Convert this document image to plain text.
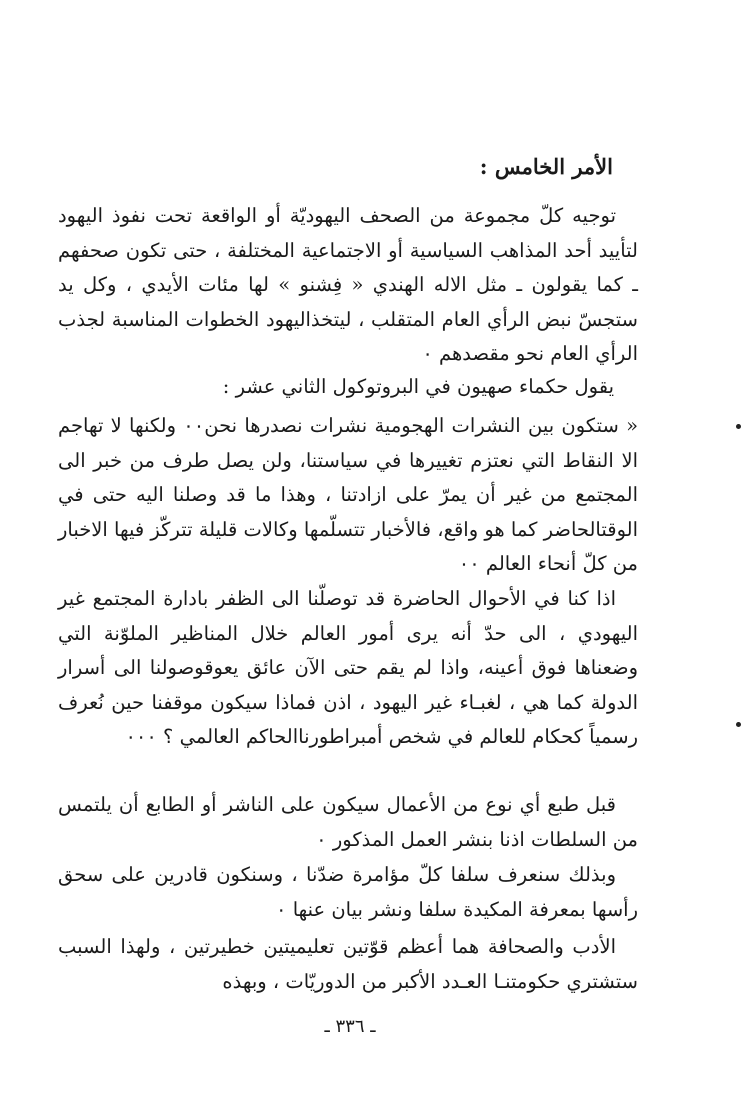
الأمر الخامس :
توجيه كلّ مجموعة من الصحف اليهوديّة أو الواقعة تحت نفوذ اليهود لتأييد أحد المذاهب السياسية أو الاجتماعية المختلفة ، حتى تكون صحفهم ـ كما يقولون ـ مثل الاله الهندي « فِشنو » لها مئات الأيدي ، وكل يد ستجسّ نبض الرأي العام المتقلب ، ليتخذاليهود الخطوات المناسبة لجذب الرأي العام نحو مقصدهم ٠
يقول حكماء صهيون في البروتوكول الثاني عشر :
« ستكون بين النشرات الهجومية نشرات نصدرها نحن٠٠ ولكنها لا تهاجم الا النقاط التي نعتزم تغييرها في سياستنا، ولن يصل طرف من خبر الى المجتمع من غير أن يمرّ على ازادتنا ، وهذا ما قد وصلنا اليه حتى في الوقتالحاضر كما هو واقع، فالأخبار تتسلّمها وكالات قليلة تتركّز فيها الاخبار من كلّ أنحاء العالم ٠٠
اذا كنا في الأحوال الحاضرة قد توصلّنا الى الظفر بادارة المجتمع غير اليهودي ، الى حدّ أنه يرى أمور العالم خلال المناظير الملوّنة التي وضعناها فوق أعينه، واذا لم يقم حتى الآن عائق يعوقوصولنا الى أسرار الدولة كما هي ، لغبـاء غير اليهود ، اذن فماذا سيكون موقفنا حين نُعرف رسمياً كحكام للعالم في شخص أمبراطورناالحاكم العالمي ؟ ٠٠٠
قبل طبع أي نوع من الأعمال سيكون على الناشر أو الطابع أن يلتمس من السلطات اذنا بنشر العمل المذكور ٠
وبذلك سنعرف سلفا كلّ مؤامرة ضدّنا ، وسنكون قادرين على سحق رأسها بمعرفة المكيدة سلفا ونشر بيان عنها ٠
الأدب والصحافة هما أعظم قوّتين تعليميتين خطيرتين ، ولهذا السبب ستشتري حكومتنـا العـدد الأكبر من الدوريّات ، وبهذه
ـ ٣٣٦ ـ
